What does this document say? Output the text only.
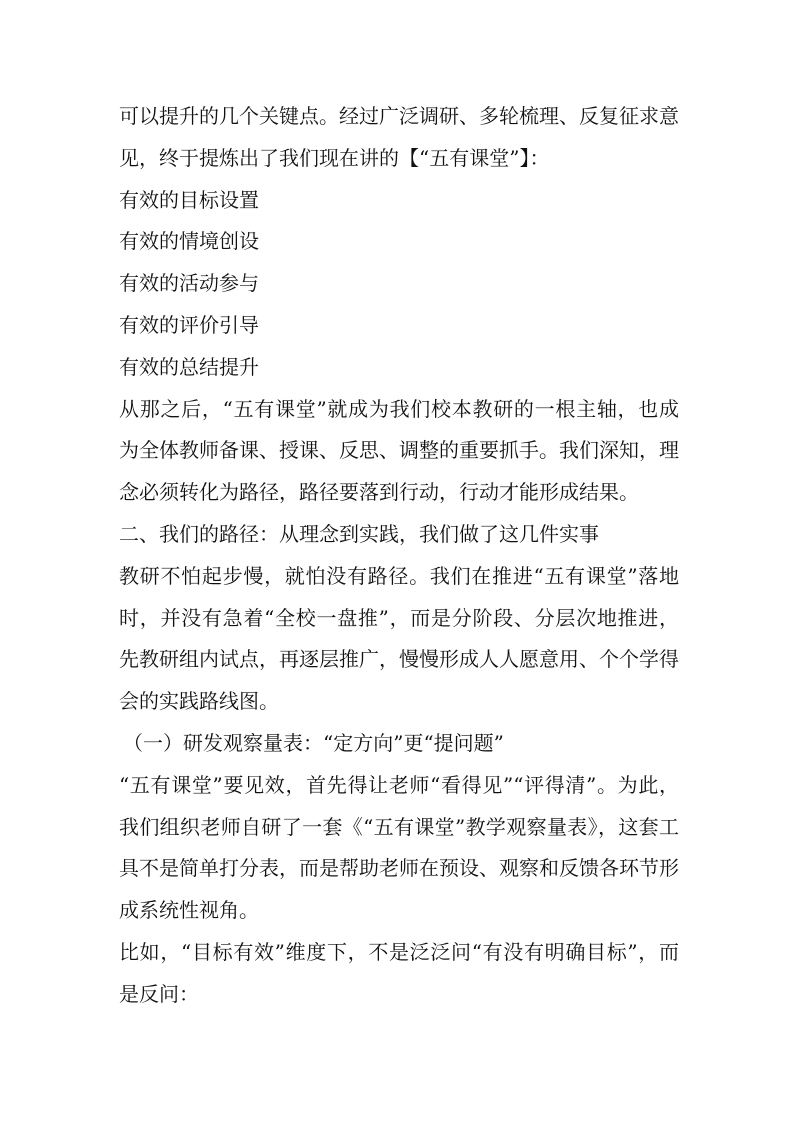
可以提升的几个关键点。经过广泛调研、多轮梳理、反复征求意见，终于提炼出了我们现在讲的【“五有课堂”】：

有效的目标设置

有效的情境创设

有效的活动参与

有效的评价引导

有效的总结提升

从那之后，“五有课堂”就成为我们校本教研的一根主轴，也成为全体教师备课、授课、反思、调整的重要抓手。我们深知，理念必须转化为路径，路径要落到行动，行动才能形成结果。

二、我们的路径：从理念到实践，我们做了这几件实事

教研不怕起步慢，就怕没有路径。我们在推进“五有课堂”落地时，并没有急着“全校一盘推”，而是分阶段、分层次地推进，先教研组内试点，再逐层推广，慢慢形成人人愿意用、个个学得会的实践路线图。

（一）研发观察量表：“定方向”更“提问题”

“五有课堂”要见效，首先得让老师“看得见”“评得清”。为此，我们组织老师自研了一套《“五有课堂”教学观察量表》，这套工具不是简单打分表，而是帮助老师在预设、观察和反馈各环节形成系统性视角。

比如，“目标有效”维度下，不是泛泛问“有没有明确目标”，而是反问：
